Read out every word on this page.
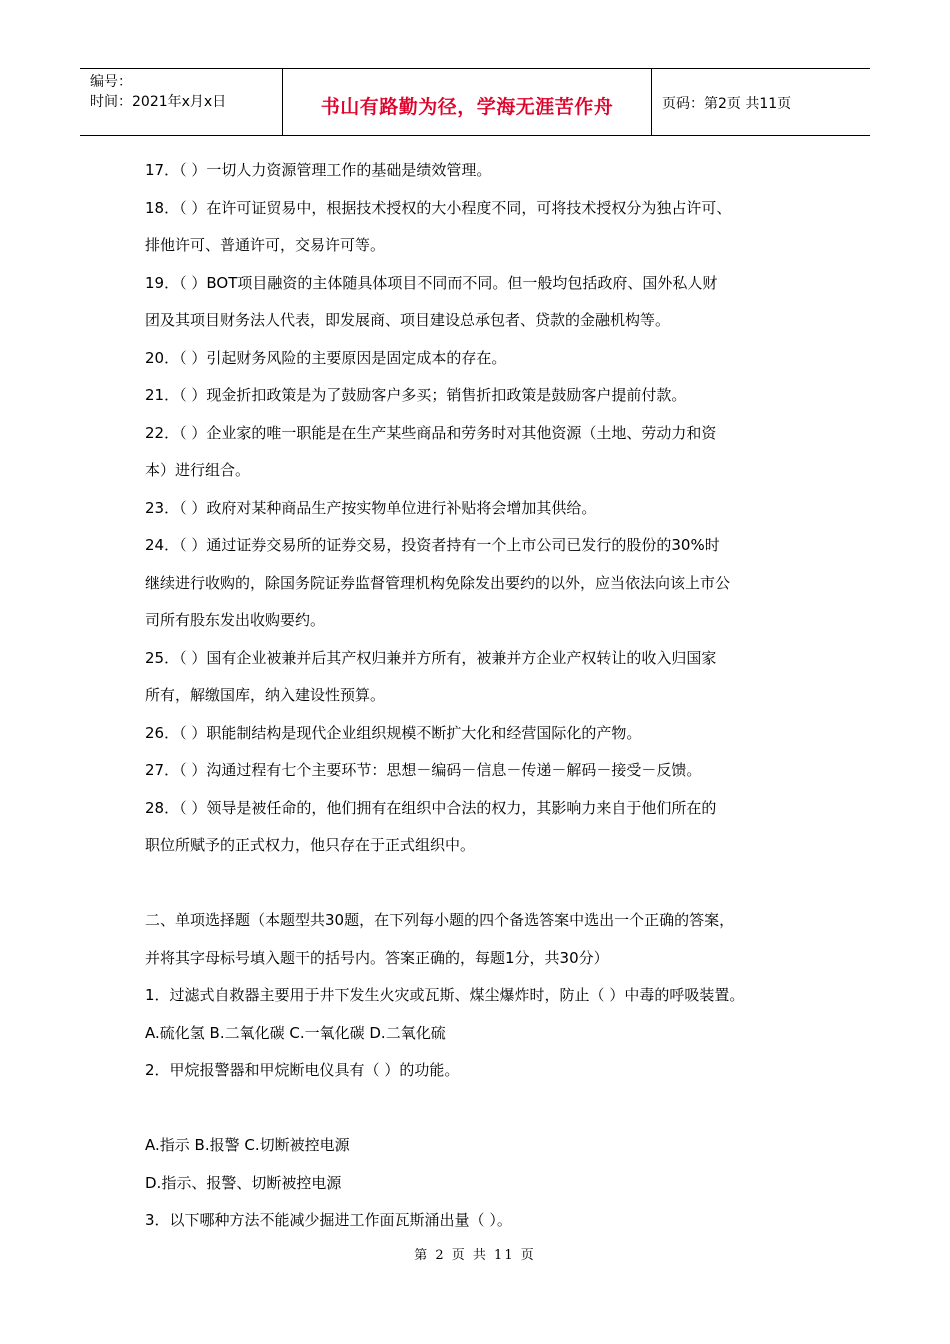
编号：
时间：2021年x月x日	书山有路勤为径，学海无涯苦作舟	页码：第2页 共11页

17．（ ）一切人力资源管理工作的基础是绩效管理。

18．（ ）在许可证贸易中，根据技术授权的大小程度不同，可将技术授权分为独占许可、

排他许可、普通许可，交易许可等。

19．（ ）BOT项目融资的主体随具体项目不同而不同。但一般均包括政府、国外私人财

团及其项目财务法人代表，即发展商、项目建设总承包者、贷款的金融机构等。

20．（ ）引起财务风险的主要原因是固定成本的存在。

21．（ ）现金折扣政策是为了鼓励客户多买；销售折扣政策是鼓励客户提前付款。

22．（ ）企业家的唯一职能是在生产某些商品和劳务时对其他资源（土地、劳动力和资

本）进行组合。

23．（ ）政府对某种商品生产按实物单位进行补贴将会增加其供给。

24．（ ）通过证券交易所的证券交易，投资者持有一个上市公司已发行的股份的30%时

继续进行收购的，除国务院证券监督管理机构免除发出要约的以外，应当依法向该上市公

司所有股东发出收购要约。

25．（ ）国有企业被兼并后其产权归兼并方所有，被兼并方企业产权转让的收入归国家

所有，解缴国库，纳入建设性预算。

26．（ ）职能制结构是现代企业组织规模不断扩大化和经营国际化的产物。

27．（ ）沟通过程有七个主要环节：思想－编码－信息－传递－解码－接受－反馈。

28．（ ）领导是被任命的，他们拥有在组织中合法的权力，其影响力来自于他们所在的

职位所赋予的正式权力，他只存在于正式组织中。

二、单项选择题（本题型共30题，在下列每小题的四个备选答案中选出一个正确的答案，

并将其字母标号填入题干的括号内。答案正确的，每题1分，共30分）

1．过滤式自救器主要用于井下发生火灾或瓦斯、煤尘爆炸时，防止（ ）中毒的呼吸装置。

A.硫化氢 B.二氧化碳 C.一氧化碳 D.二氧化硫

2．甲烷报警器和甲烷断电仪具有（ ）的功能。

A.指示 B.报警 C.切断被控电源

D.指示、报警、切断被控电源

3．以下哪种方法不能减少掘进工作面瓦斯涌出量（ ）。

第 2 页 共 11 页
